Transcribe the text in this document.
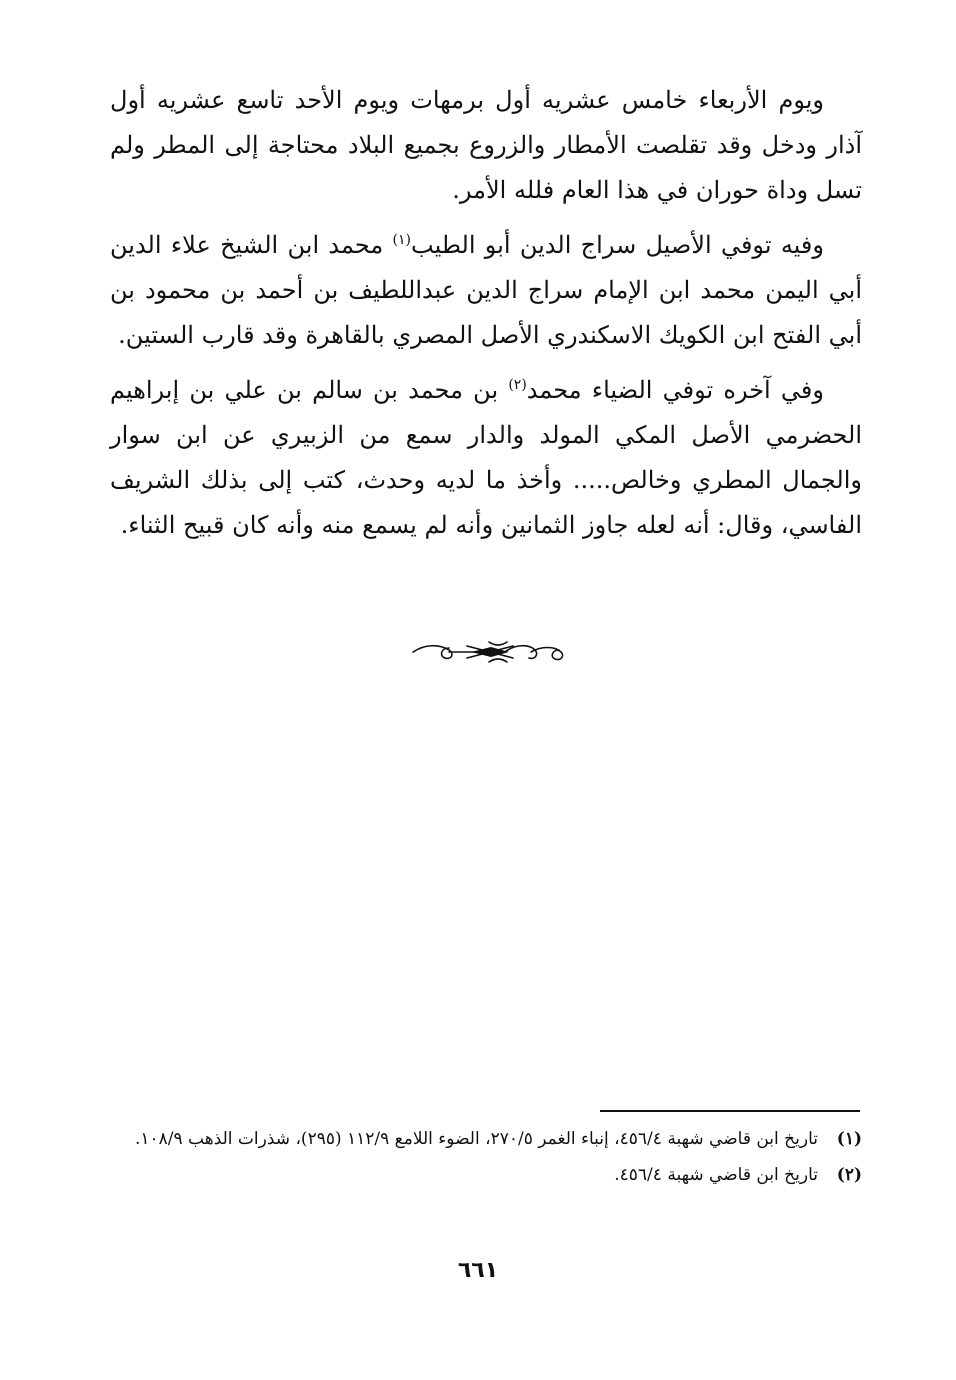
ويوم الأربعاء خامس عشريه أول برمهات ويوم الأحد تاسع عشريه أول آذار ودخل وقد تقلصت الأمطار والزروع بجميع البلاد محتاجة إلى المطر ولم تسل وداة حوران في هذا العام فلله الأمر.

وفيه توفي الأصيل سراج الدين أبو الطيب$^{(١)}$ محمد ابن الشيخ علاء الدين أبي اليمن محمد ابن الإمام سراج الدين عبداللطيف بن أحمد بن محمود بن أبي الفتح ابن الكويك الاسكندري الأصل المصري بالقاهرة وقد قارب الستين.

وفي آخره توفي الضياء محمد$^{(٢)}$ بن محمد بن سالم بن علي بن إبراهيم الحضرمي الأصل المكي المولد والدار سمع من الزبيري عن ابن سوار والجمال المطري وخالص..... وأخذ ما لديه وحدث، كتب إلى بذلك الشريف الفاسي، وقال: أنه لعله جاوز الثمانين وأنه لم يسمع منه وأنه كان قبيح الثناء.

(١)
تاريخ ابن قاضي شهبة ٤٥٦/٤، إنباء الغمر ٢٧٠/٥، الضوء اللامع ١١٢/٩ (٢٩٥)، شذرات الذهب ١٠٨/٩.
(٢)
تاريخ ابن قاضي شهبة ٤٥٦/٤.
٦٦١
